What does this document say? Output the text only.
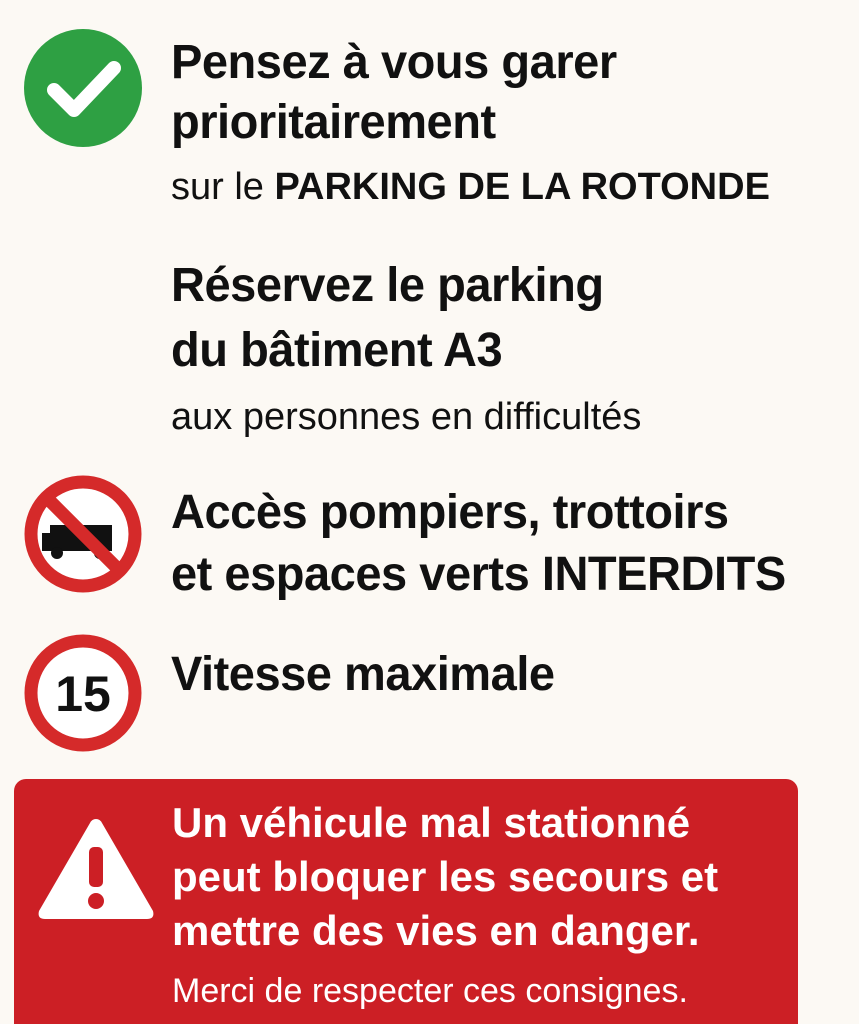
Pensez à vous garer
prioritairement
sur le PARKING DE LA ROTONDE
Réservez le parking
du bâtiment A3
aux personnes en difficultés
Accès pompiers, trottoirs
et espaces verts INTERDITS
15 Vitesse maximale
Un véhicule mal stationné
peut bloquer les secours et
mettre des vies en danger.
Merci de respecter ces consignes.
